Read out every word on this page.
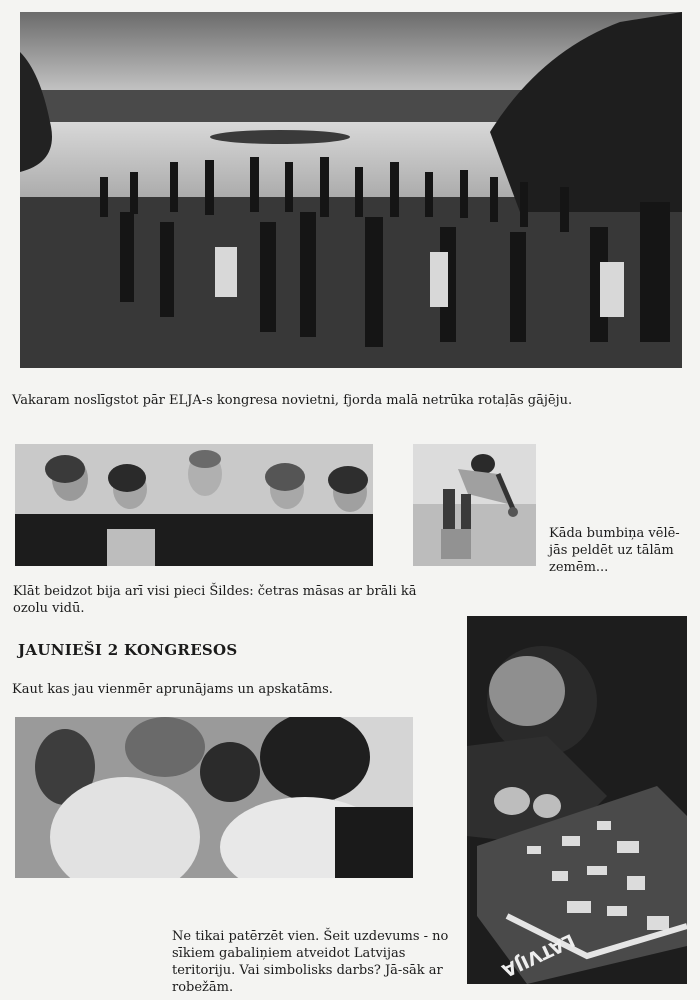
Vakaram noslīgstot pār ELJA-s kongresa novietni, fjorda malā netrūka rotaļās gājēju.
Klāt beidzot bija arī visi pieci Šildes: četras māsas ar brāli kā ozolu vidū.
Kāda bumbiņa vēlē-jās peldēt uz tālām zemēm...
JAUNIEŠI 2 KONGRESOS
Kaut kas jau vienmēr aprunājams un apskatāms.
LATVIJA
Ne tikai patērzēt vien. Šeit uzdevums - no sīkiem gabaliņiem atveidot Latvijas teritoriju. Vai simbolisks darbs? Jā-sāk ar robežām.
